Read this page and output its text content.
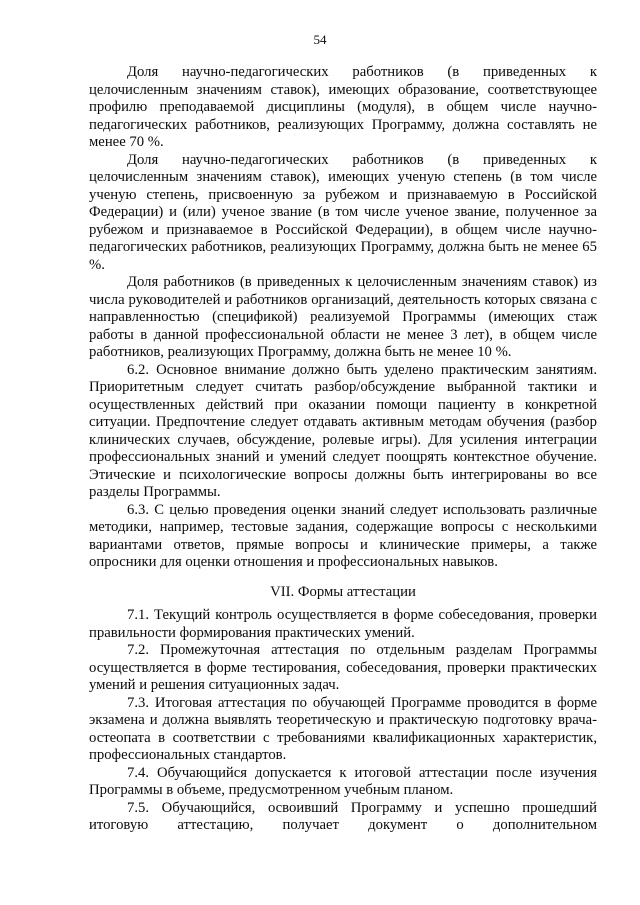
54

Доля научно-педагогических работников (в приведенных к целочисленным значениям ставок), имеющих образование, соответствующее профилю преподаваемой дисциплины (модуля), в общем числе научно-педагогических работников, реализующих Программу, должна составлять не менее 70 %.

Доля научно-педагогических работников (в приведенных к целочисленным значениям ставок), имеющих ученую степень (в том числе ученую степень, присвоенную за рубежом и признаваемую в Российской Федерации) и (или) ученое звание (в том числе ученое звание, полученное за рубежом и признаваемое в Российской Федерации), в общем числе научно-педагогических работников, реализующих Программу, должна быть не менее 65 %.

Доля работников (в приведенных к целочисленным значениям ставок) из числа руководителей и работников организаций, деятельность которых связана с направленностью (спецификой) реализуемой Программы (имеющих стаж работы в данной профессиональной области не менее 3 лет), в общем числе работников, реализующих Программу, должна быть не менее 10 %.

6.2. Основное внимание должно быть уделено практическим занятиям. Приоритетным следует считать разбор/обсуждение выбранной тактики и осуществленных действий при оказании помощи пациенту в конкретной ситуации. Предпочтение следует отдавать активным методам обучения (разбор клинических случаев, обсуждение, ролевые игры). Для усиления интеграции профессиональных знаний и умений следует поощрять контекстное обучение. Этические и психологические вопросы должны быть интегрированы во все разделы Программы.

6.3. С целью проведения оценки знаний следует использовать различные методики, например, тестовые задания, содержащие вопросы с несколькими вариантами ответов, прямые вопросы и клинические примеры, а также опросники для оценки отношения и профессиональных навыков.

VII. Формы аттестации

7.1. Текущий контроль осуществляется в форме собеседования, проверки правильности формирования практических умений.

7.2. Промежуточная аттестация по отдельным разделам Программы осуществляется в форме тестирования, собеседования, проверки практических умений и решения ситуационных задач.

7.3. Итоговая аттестация по обучающей Программе проводится в форме экзамена и должна выявлять теоретическую и практическую подготовку врача-остеопата в соответствии с требованиями квалификационных характеристик, профессиональных стандартов.

7.4. Обучающийся допускается к итоговой аттестации после изучения Программы в объеме, предусмотренном учебным планом.

7.5. Обучающийся, освоивший Программу и успешно прошедший итоговую аттестацию, получает документ о дополнительном
